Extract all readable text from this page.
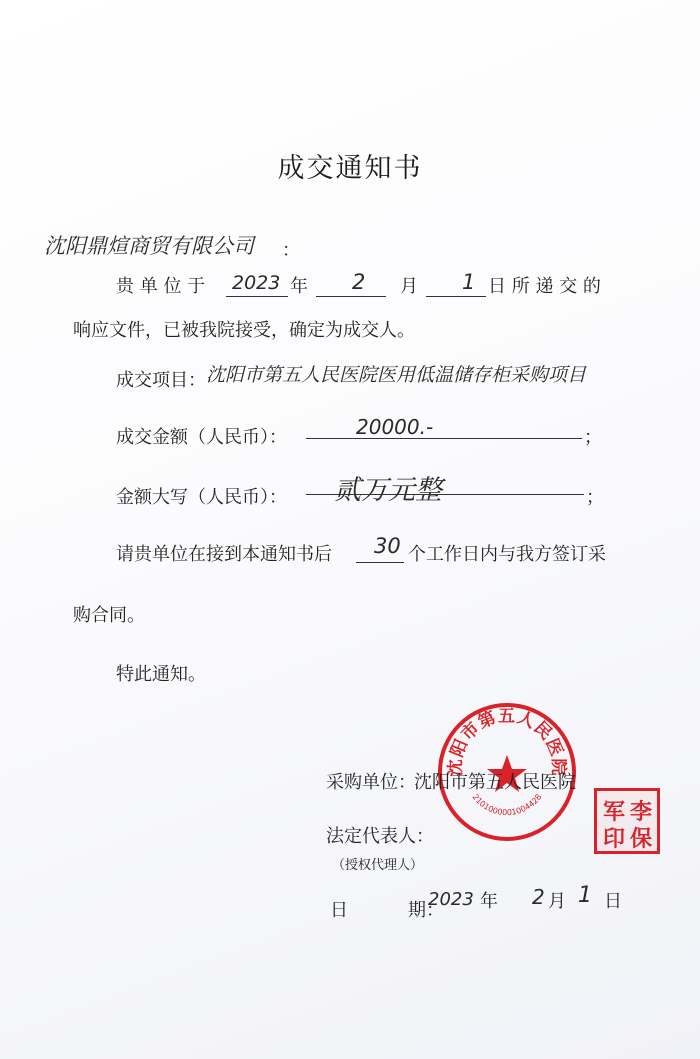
成交通知书
沈阳鼎煊商贸有限公司 ：
贵 单 位 于 2023 年 2 月 1 日 所 递 交 的
响应文件，已被我院接受，确定为成交人。
成交项目： 沈阳市第五人民医院医用低温储存柜采购项目
成交金额（人民币）：	20000.-	；
金额大写（人民币）： 贰万元整	；
请贵单位在接到本通知书后 30 个工作日内与我方签订采
购合同。
特此通知。
沈阳市第五人民医院
2101000001004428
李
军
保
印
采购单位：
沈阳市第五人民医院
法定代表人：
（授权代理人）
日	期：
2023 年 2 月 1 日
